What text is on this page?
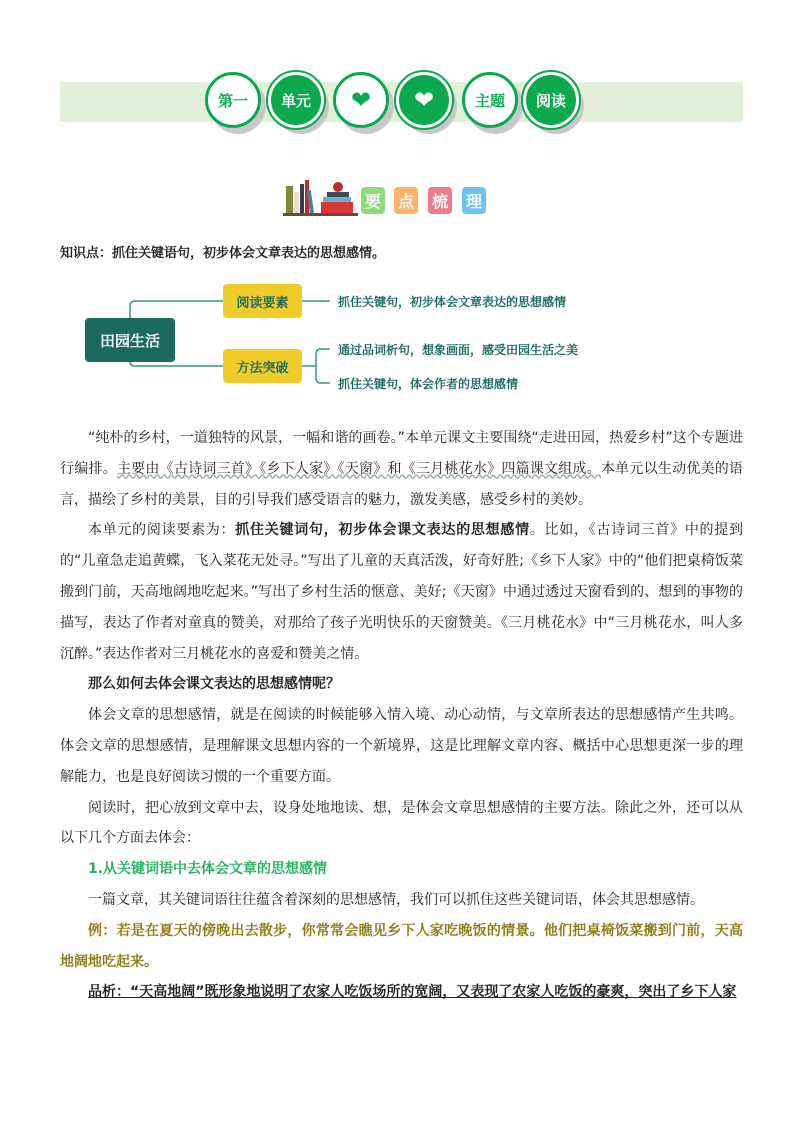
第一	单元	❤ ❤	主题	阅读
要 点 梳 理
知识点：抓住关键语句，初步体会文章表达的思想感情。
田园生活
阅读要素
方法突破
抓住关键句，初步体会文章表达的思想感情
通过品词析句，想象画面，感受田园生活之美
抓住关键句，体会作者的思想感情

“纯朴的乡村，一道独特的风景，一幅和谐的画卷。”本单元课文主要围绕“走进田园，热爱乡村”这个专题进行编排。主要由《古诗词三首》《乡下人家》《天窗》和《三月桃花水》四篇课文组成。本单元以生动优美的语言，描绘了乡村的美景，目的引导我们感受语言的魅力，激发美感，感受乡村的美妙。

本单元的阅读要素为：抓住关键词句，初步体会课文表达的思想感情。比如，《古诗词三首》中的提到的“儿童急走追黄蝶，飞入菜花无处寻。”写出了儿童的天真活泼，好奇好胜;《乡下人家》中的“他们把桌椅饭菜搬到门前，天高地阔地吃起来。”写出了乡村生活的惬意、美好;《天窗》中通过透过天窗看到的、想到的事物的描写，表达了作者对童真的赞美，对那给了孩子光明快乐的天窗赞美。《三月桃花水》中“三月桃花水，叫人多沉醉。”表达作者对三月桃花水的喜爱和赞美之情。

那么如何去体会课文表达的思想感情呢？

体会文章的思想感情，就是在阅读的时候能够入情入境、动心动情，与文章所表达的思想感情产生共鸣。体会文章的思想感情，是理解课文思想内容的一个新境界，这是比理解文章内容、概括中心思想更深一步的理解能力，也是良好阅读习惯的一个重要方面。

阅读时，把心放到文章中去，设身处地地读、想，是体会文章思想感情的主要方法。除此之外，还可以从以下几个方面去体会：

1.从关键词语中去体会文章的思想感情

一篇文章，其关键词语往往蕴含着深刻的思想感情，我们可以抓住这些关键词语，体会其思想感情。

例：若是在夏天的傍晚出去散步，你常常会瞧见乡下人家吃晚饭的情景。他们把桌椅饭菜搬到门前，天高地阔地吃起来。

品析：“天高地阔”既形象地说明了农家人吃饭场所的宽阔，又表现了农家人吃饭的豪爽，突出了乡下人家
